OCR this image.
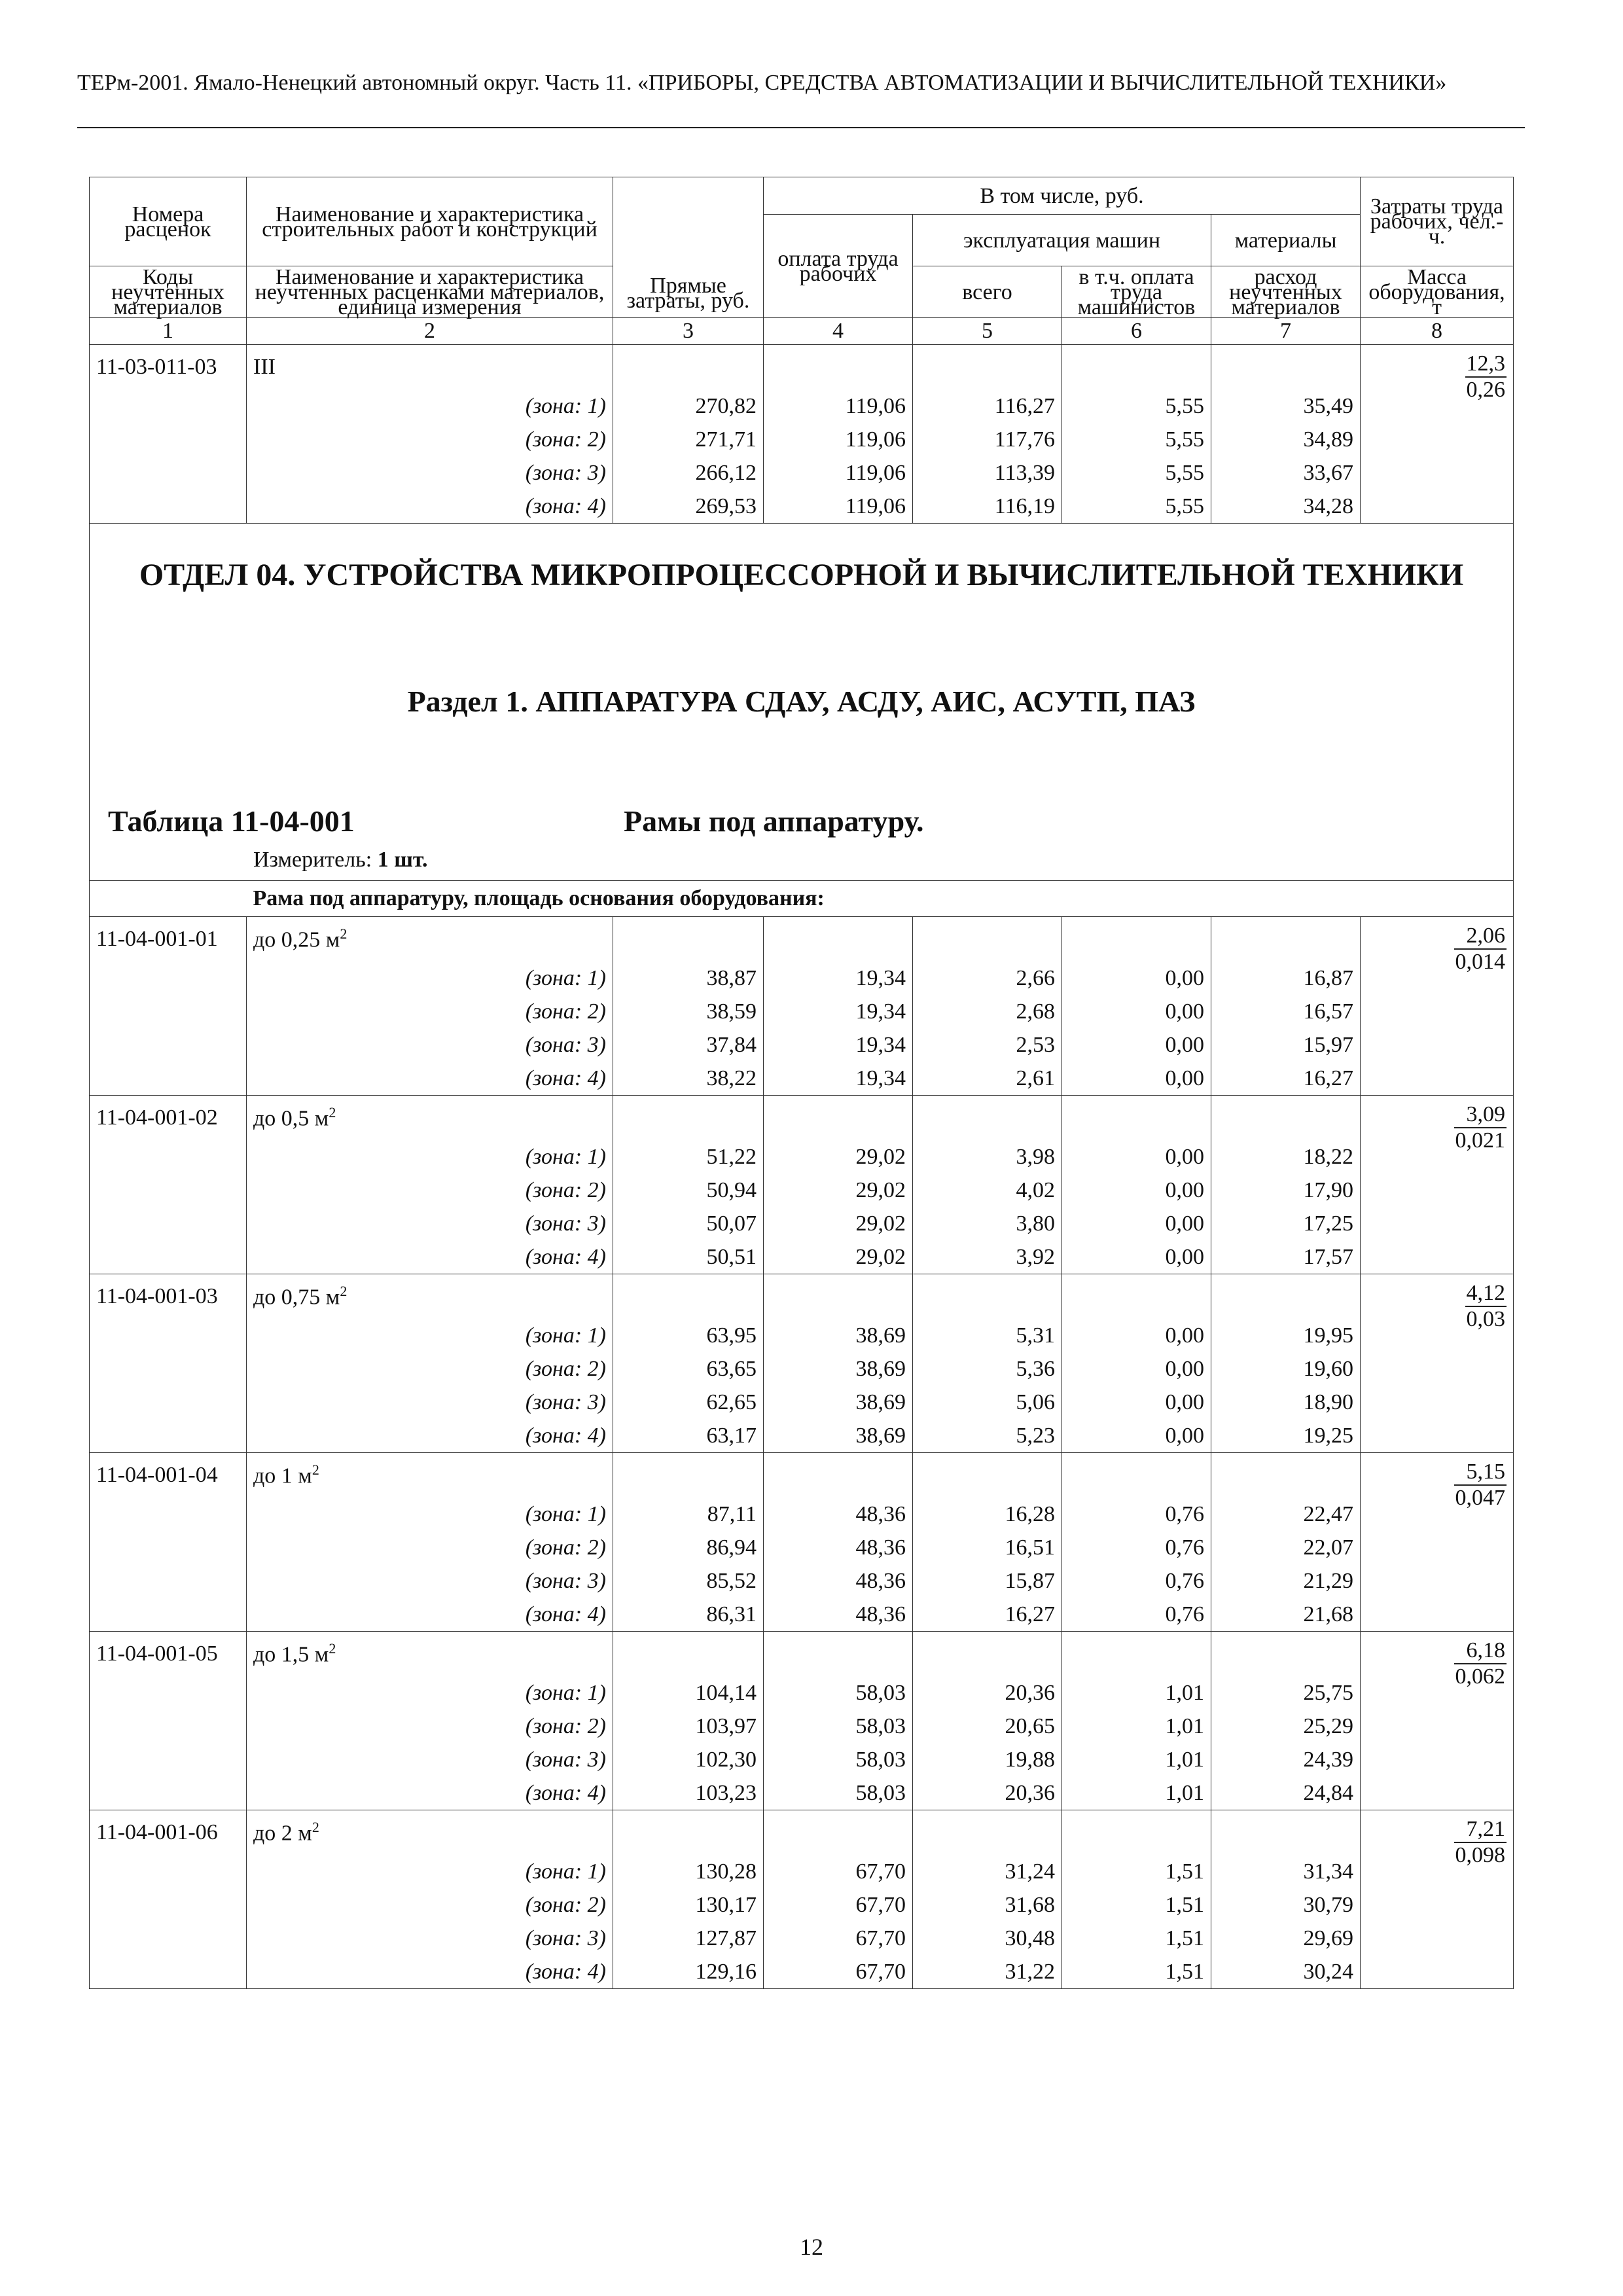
ТЕРм-2001. Ямало-Ненецкий автономный округ. Часть 11. «ПРИБОРЫ, СРЕДСТВА АВТОМАТИЗАЦИИ И ВЫЧИСЛИТЕЛЬНОЙ ТЕХНИКИ»
Номера расценок	Наименование и характеристика строительных работ и конструкций	Прямые затраты, руб.	В том числе, руб.				Затраты труда рабочих, чел.-ч.
			оплата труда рабочих	эксплуатация машин		материалы	
Коды неучтенных материалов	Наименование и характеристика неучтенных расценками материалов, единица измерения			всего	в т.ч. оплата труда машинистов	расход неучтенных материалов	Масса оборудования, т
1	2	3	4	5	6	7	8
11-03-011-03	III						$\frac{12,3}{0,26}$

	(зона: 1)	270,82	119,06	116,27	5,55	35,49	
	(зона: 2)	271,71	119,06	117,76	5,55	34,89	
	(зона: 3)	266,12	119,06	113,39	5,55	33,67	
	(зона: 4)	269,53	119,06	116,19	5,55	34,28	

ОТДЕЛ 04. УСТРОЙСТВА МИКРОПРОЦЕССОРНОЙ И ВЫЧИСЛИТЕЛЬНОЙ ТЕХНИКИ
Раздел 1. АППАРАТУРА СДАУ, АСДУ, АИС, АСУТП, ПАЗ
Таблица 11-04-001 Рамы под аппаратуру.
Измеритель: 1 шт.							

	Рама под аппаратуру, площадь основания оборудования:						
11-04-001-01	до 0,25 $м^2$						$\frac{2,06}{0,014}$

	(зона: 1)	38,87	19,34	2,66	0,00	16,87	
	(зона: 2)	38,59	19,34	2,68	0,00	16,57	
	(зона: 3)	37,84	19,34	2,53	0,00	15,97	
	(зона: 4)	38,22	19,34	2,61	0,00	16,27	
11-04-001-02	до 0,5 $м^2$						$\frac{3,09}{0,021}$

	(зона: 1)	51,22	29,02	3,98	0,00	18,22	
	(зона: 2)	50,94	29,02	4,02	0,00	17,90	
	(зона: 3)	50,07	29,02	3,80	0,00	17,25	
	(зона: 4)	50,51	29,02	3,92	0,00	17,57	
11-04-001-03	до 0,75 $м^2$						$\frac{4,12}{0,03}$

	(зона: 1)	63,95	38,69	5,31	0,00	19,95	
	(зона: 2)	63,65	38,69	5,36	0,00	19,60	
	(зона: 3)	62,65	38,69	5,06	0,00	18,90	
	(зона: 4)	63,17	38,69	5,23	0,00	19,25	
11-04-001-04	до 1 $м^2$						$\frac{5,15}{0,047}$

	(зона: 1)	87,11	48,36	16,28	0,76	22,47	
	(зона: 2)	86,94	48,36	16,51	0,76	22,07	
	(зона: 3)	85,52	48,36	15,87	0,76	21,29	
	(зона: 4)	86,31	48,36	16,27	0,76	21,68	
11-04-001-05	до 1,5 $м^2$						$\frac{6,18}{0,062}$

	(зона: 1)	104,14	58,03	20,36	1,01	25,75	
	(зона: 2)	103,97	58,03	20,65	1,01	25,29	
	(зона: 3)	102,30	58,03	19,88	1,01	24,39	
	(зона: 4)	103,23	58,03	20,36	1,01	24,84	
11-04-001-06	до 2 $м^2$						$\frac{7,21}{0,098}$

	(зона: 1)	130,28	67,70	31,24	1,51	31,34	
	(зона: 2)	130,17	67,70	31,68	1,51	30,79	
	(зона: 3)	127,87	67,70	30,48	1,51	29,69	
	(зона: 4)	129,16	67,70	31,22	1,51	30,24	
12
